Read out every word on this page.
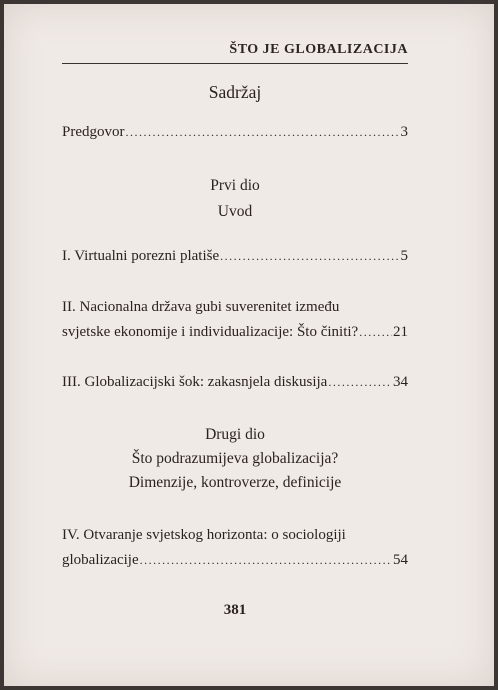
ŠTO JE GLOBALIZACIJA
Sadržaj
Predgovor .....	3
Prvi dio
Uvod
I. Virtualni porezni platiše .....	5
II. Nacionalna država gubi suverenitet između
svjetske ekonomije i individualizacije: Što činiti? ..... 21
III. Globalizacijski šok: zakasnjela diskusija .....	34
Drugi dio
Što podrazumijeva globalizacija?
Dimenzije, kontroverze, definicije
IV. Otvaranje svjetskog horizonta: o sociologiji
globalizacije .....	54
381
